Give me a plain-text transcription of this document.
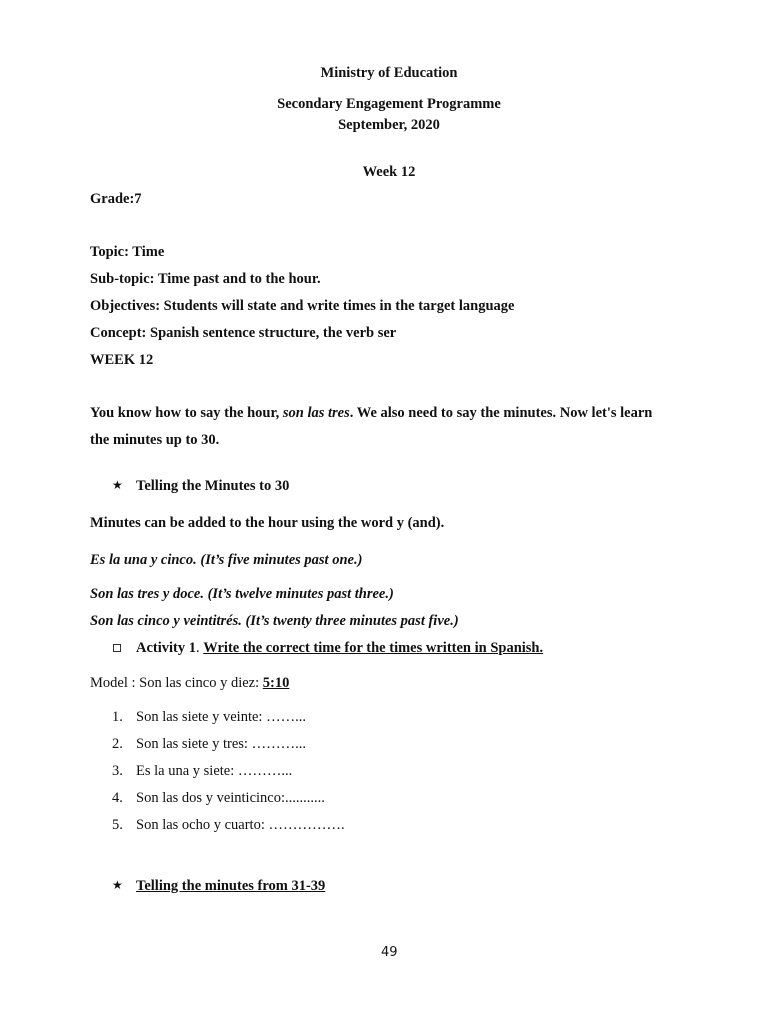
Ministry of Education
Secondary Engagement Programme
September, 2020
Week 12
Grade:7
Topic: Time
Sub-topic: Time past and to the hour.
Objectives: Students will state and write times in the target language
Concept: Spanish sentence structure, the verb ser
WEEK 12
You know how to say the hour, son las tres. We also need to say the minutes. Now let's learn
the minutes up to 30.
★ Telling the Minutes to 30
Minutes can be added to the hour using the word y (and).
Es la una y cinco. (It’s five minutes past one.)
Son las tres y doce. (It’s twelve minutes past three.)
Son las cinco y veintitrés. (It’s twenty three minutes past five.)
Activity 1. Write the correct time for the times written in Spanish.
Model : Son las cinco y diez: 5:10
1. Son las siete y veinte: ……...
2. Son las siete y tres: ………...
3. Es la una y siete: ………...
4. Son las dos y veinticinco:...........
5. Son las ocho y cuarto: …………….
★ Telling the minutes from 31-39
49
